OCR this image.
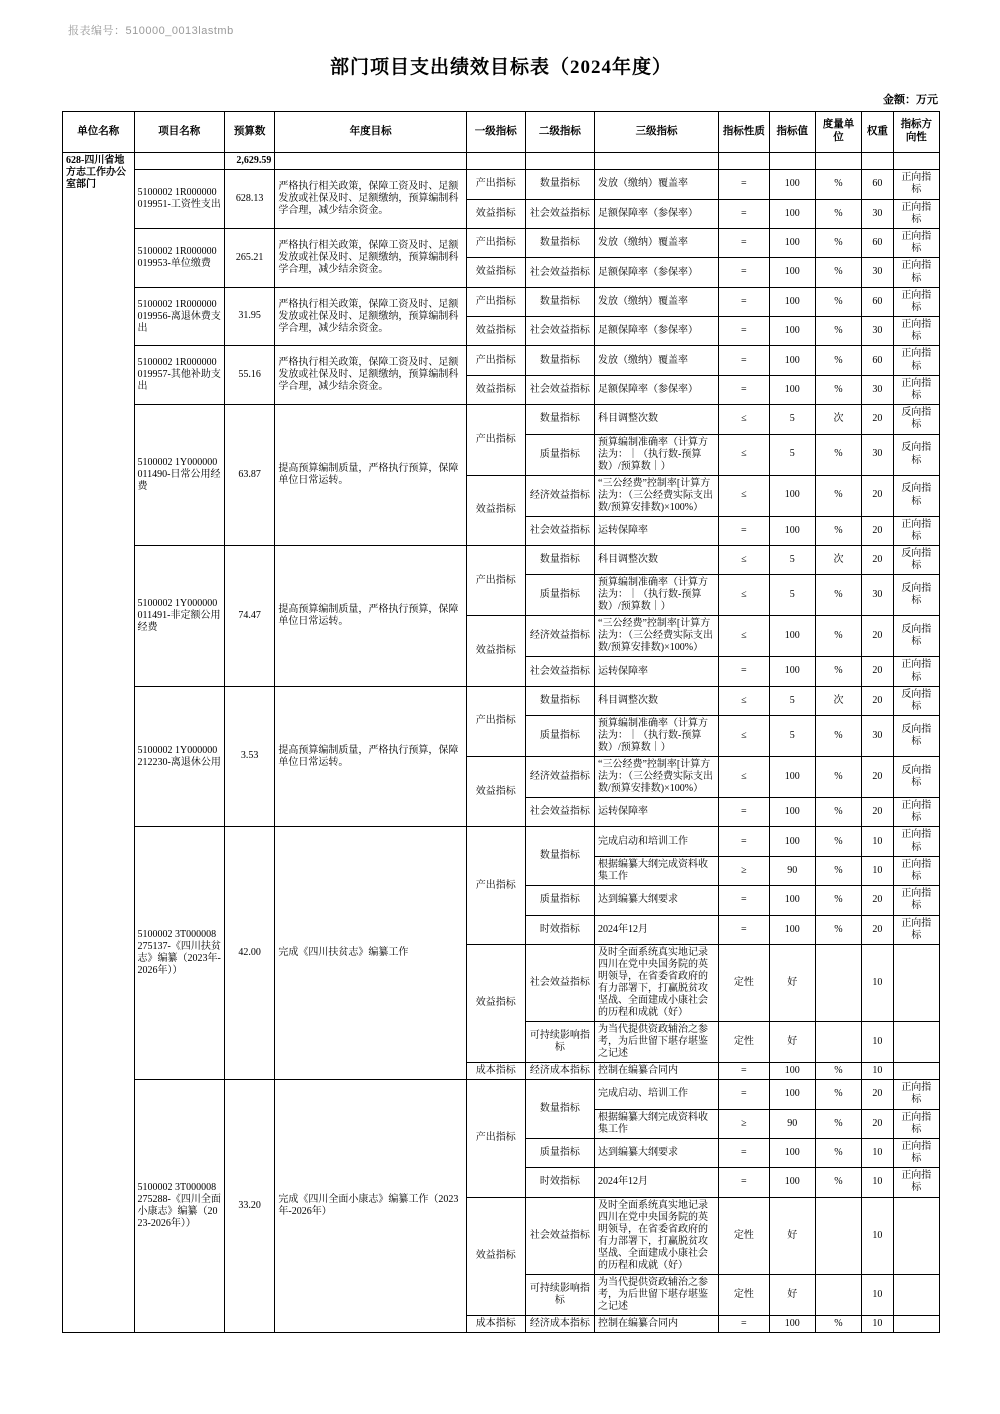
报表编号：510000_0013lastmb
部门项目支出绩效目标表（2024年度）
金额：万元
单位名称	项目名称	预算数	年度目标	一级指标	二级指标	三级指标	指标性质	指标值	度量单位	权重	指标方向性
628-四川省地方志工作办公室部门		2,629.59									
	5100002 1R000000019951-工资性支出	628.13	严格执行相关政策，保障工资及时、足额发放或社保及时、足额缴纳，预算编制科学合理，减少结余资金。	产出指标	数量指标	发放（缴纳）覆盖率	=	100	%	60	正向指标
				效益指标	社会效益指标	足额保障率（参保率）	=	100	%	30	正向指标
	5100002 1R000000019953-单位缴费	265.21	严格执行相关政策，保障工资及时、足额发放或社保及时、足额缴纳，预算编制科学合理，减少结余资金。	产出指标	数量指标	发放（缴纳）覆盖率	=	100	%	60	正向指标
				效益指标	社会效益指标	足额保障率（参保率）	=	100	%	30	正向指标
	5100002 1R000000019956-离退休费支出	31.95	严格执行相关政策，保障工资及时、足额发放或社保及时、足额缴纳，预算编制科学合理，减少结余资金。	产出指标	数量指标	发放（缴纳）覆盖率	=	100	%	60	正向指标
				效益指标	社会效益指标	足额保障率（参保率）	=	100	%	30	正向指标
	5100002 1R000000019957-其他补助支出	55.16	严格执行相关政策，保障工资及时、足额发放或社保及时、足额缴纳，预算编制科学合理，减少结余资金。	产出指标	数量指标	发放（缴纳）覆盖率	=	100	%	60	正向指标
				效益指标	社会效益指标	足额保障率（参保率）	=	100	%	30	正向指标
	5100002 1Y000000011490-日常公用经费	63.87	提高预算编制质量，严格执行预算，保障单位日常运转。	产出指标	数量指标	科目调整次数	≤	5	次	20	反向指标
					质量指标	预算编制准确率（计算方法为：｜（执行数-预算数）/预算数｜）	≤	5	%	30	反向指标
				效益指标	经济效益指标	“三公经费”控制率[计算方法为：（三公经费实际支出数/预算安排数)×100%）	≤	100	%	20	反向指标
					社会效益指标	运转保障率	=	100	%	20	正向指标
	5100002 1Y000000011491-非定额公用经费	74.47	提高预算编制质量，严格执行预算，保障单位日常运转。	产出指标	数量指标	科目调整次数	≤	5	次	20	反向指标
					质量指标	预算编制准确率（计算方法为：｜（执行数-预算数）/预算数｜）	≤	5	%	30	反向指标
				效益指标	经济效益指标	“三公经费”控制率[计算方法为：（三公经费实际支出数/预算安排数)×100%）	≤	100	%	20	反向指标
					社会效益指标	运转保障率	=	100	%	20	正向指标
	5100002 1Y000000212230-离退休公用	3.53	提高预算编制质量，严格执行预算，保障单位日常运转。	产出指标	数量指标	科目调整次数	≤	5	次	20	反向指标
					质量指标	预算编制准确率（计算方法为：｜（执行数-预算数）/预算数｜）	≤	5	%	30	反向指标
				效益指标	经济效益指标	“三公经费”控制率[计算方法为：（三公经费实际支出数/预算安排数)×100%）	≤	100	%	20	反向指标
					社会效益指标	运转保障率	=	100	%	20	正向指标
	5100002 3T000008275137-《四川扶贫志》编纂（2023年-2026年））	42.00	完成《四川扶贫志》编纂工作	产出指标	数量指标	完成启动和培训工作	=	100	%	10	正向指标
						根据编纂大纲完成资料收集工作	≥	90	%	10	正向指标
					质量指标	达到编纂大纲要求	=	100	%	20	正向指标
					时效指标	2024年12月	=	100	%	20	正向指标
				效益指标	社会效益指标	及时全面系统真实地记录四川在党中央国务院的英明领导，在省委省政府的有力部署下，打赢脱贫攻坚战、全面建成小康社会的历程和成就（好）	定性	好		10	
					可持续影响指标	为当代提供资政辅治之参考，为后世留下堪存堪鉴之记述	定性	好		10	
				成本指标	经济成本指标	控制在编纂合同内	=	100	%	10	
	5100002 3T000008275288-《四川全面小康志》编纂（2023-2026年））	33.20	完成《四川全面小康志》编纂工作（2023年-2026年）	产出指标	数量指标	完成启动、培训工作	=	100	%	20	正向指标
						根据编纂大纲完成资料收集工作	≥	90	%	20	正向指标
					质量指标	达到编纂大纲要求	=	100	%	10	正向指标
					时效指标	2024年12月	=	100	%	10	正向指标
				效益指标	社会效益指标	及时全面系统真实地记录四川在党中央国务院的英明领导，在省委省政府的有力部署下，打赢脱贫攻坚战、全面建成小康社会的历程和成就（好）	定性	好		10	
					可持续影响指标	为当代提供资政辅治之参考，为后世留下堪存堪鉴之记述	定性	好		10	
				成本指标	经济成本指标	控制在编纂合同内	=	100	%	10	
